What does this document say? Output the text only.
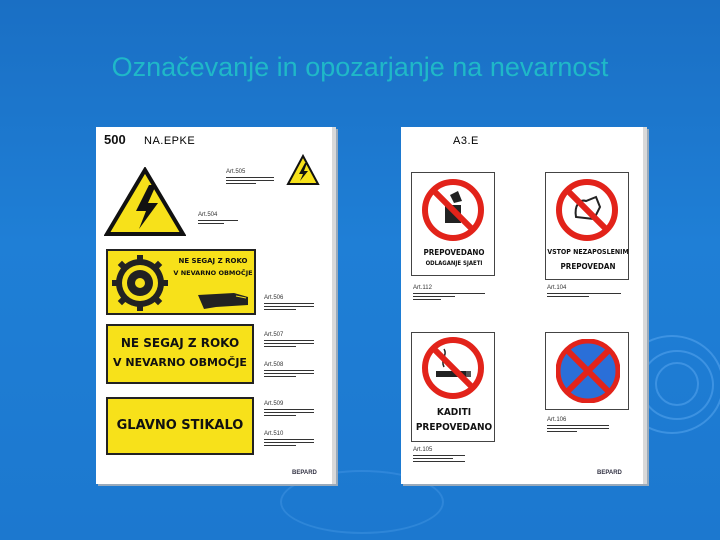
Označevanje in opozarjanje na nevarnost
500 NA.EPKE
Art.505
Art.504
NE SEGAJ Z ROKO
V NEVARNO OBMOČJE
Art.506
NE SEGAJ Z ROKO
V NEVARNO OBMOČJE
Art.507
Art.508
GLAVNO STIKALO
Art.509
Art.510
BEPARD
100 A3.E
PREPOVEDANO
ODLAGANJE SJAETI
Art.112
VSTOP NEZAPOSLENIM
PREPOVEDAN
Art.104
KADITI
PREPOVEDANO
Art.105
Art.106
BEPARD
